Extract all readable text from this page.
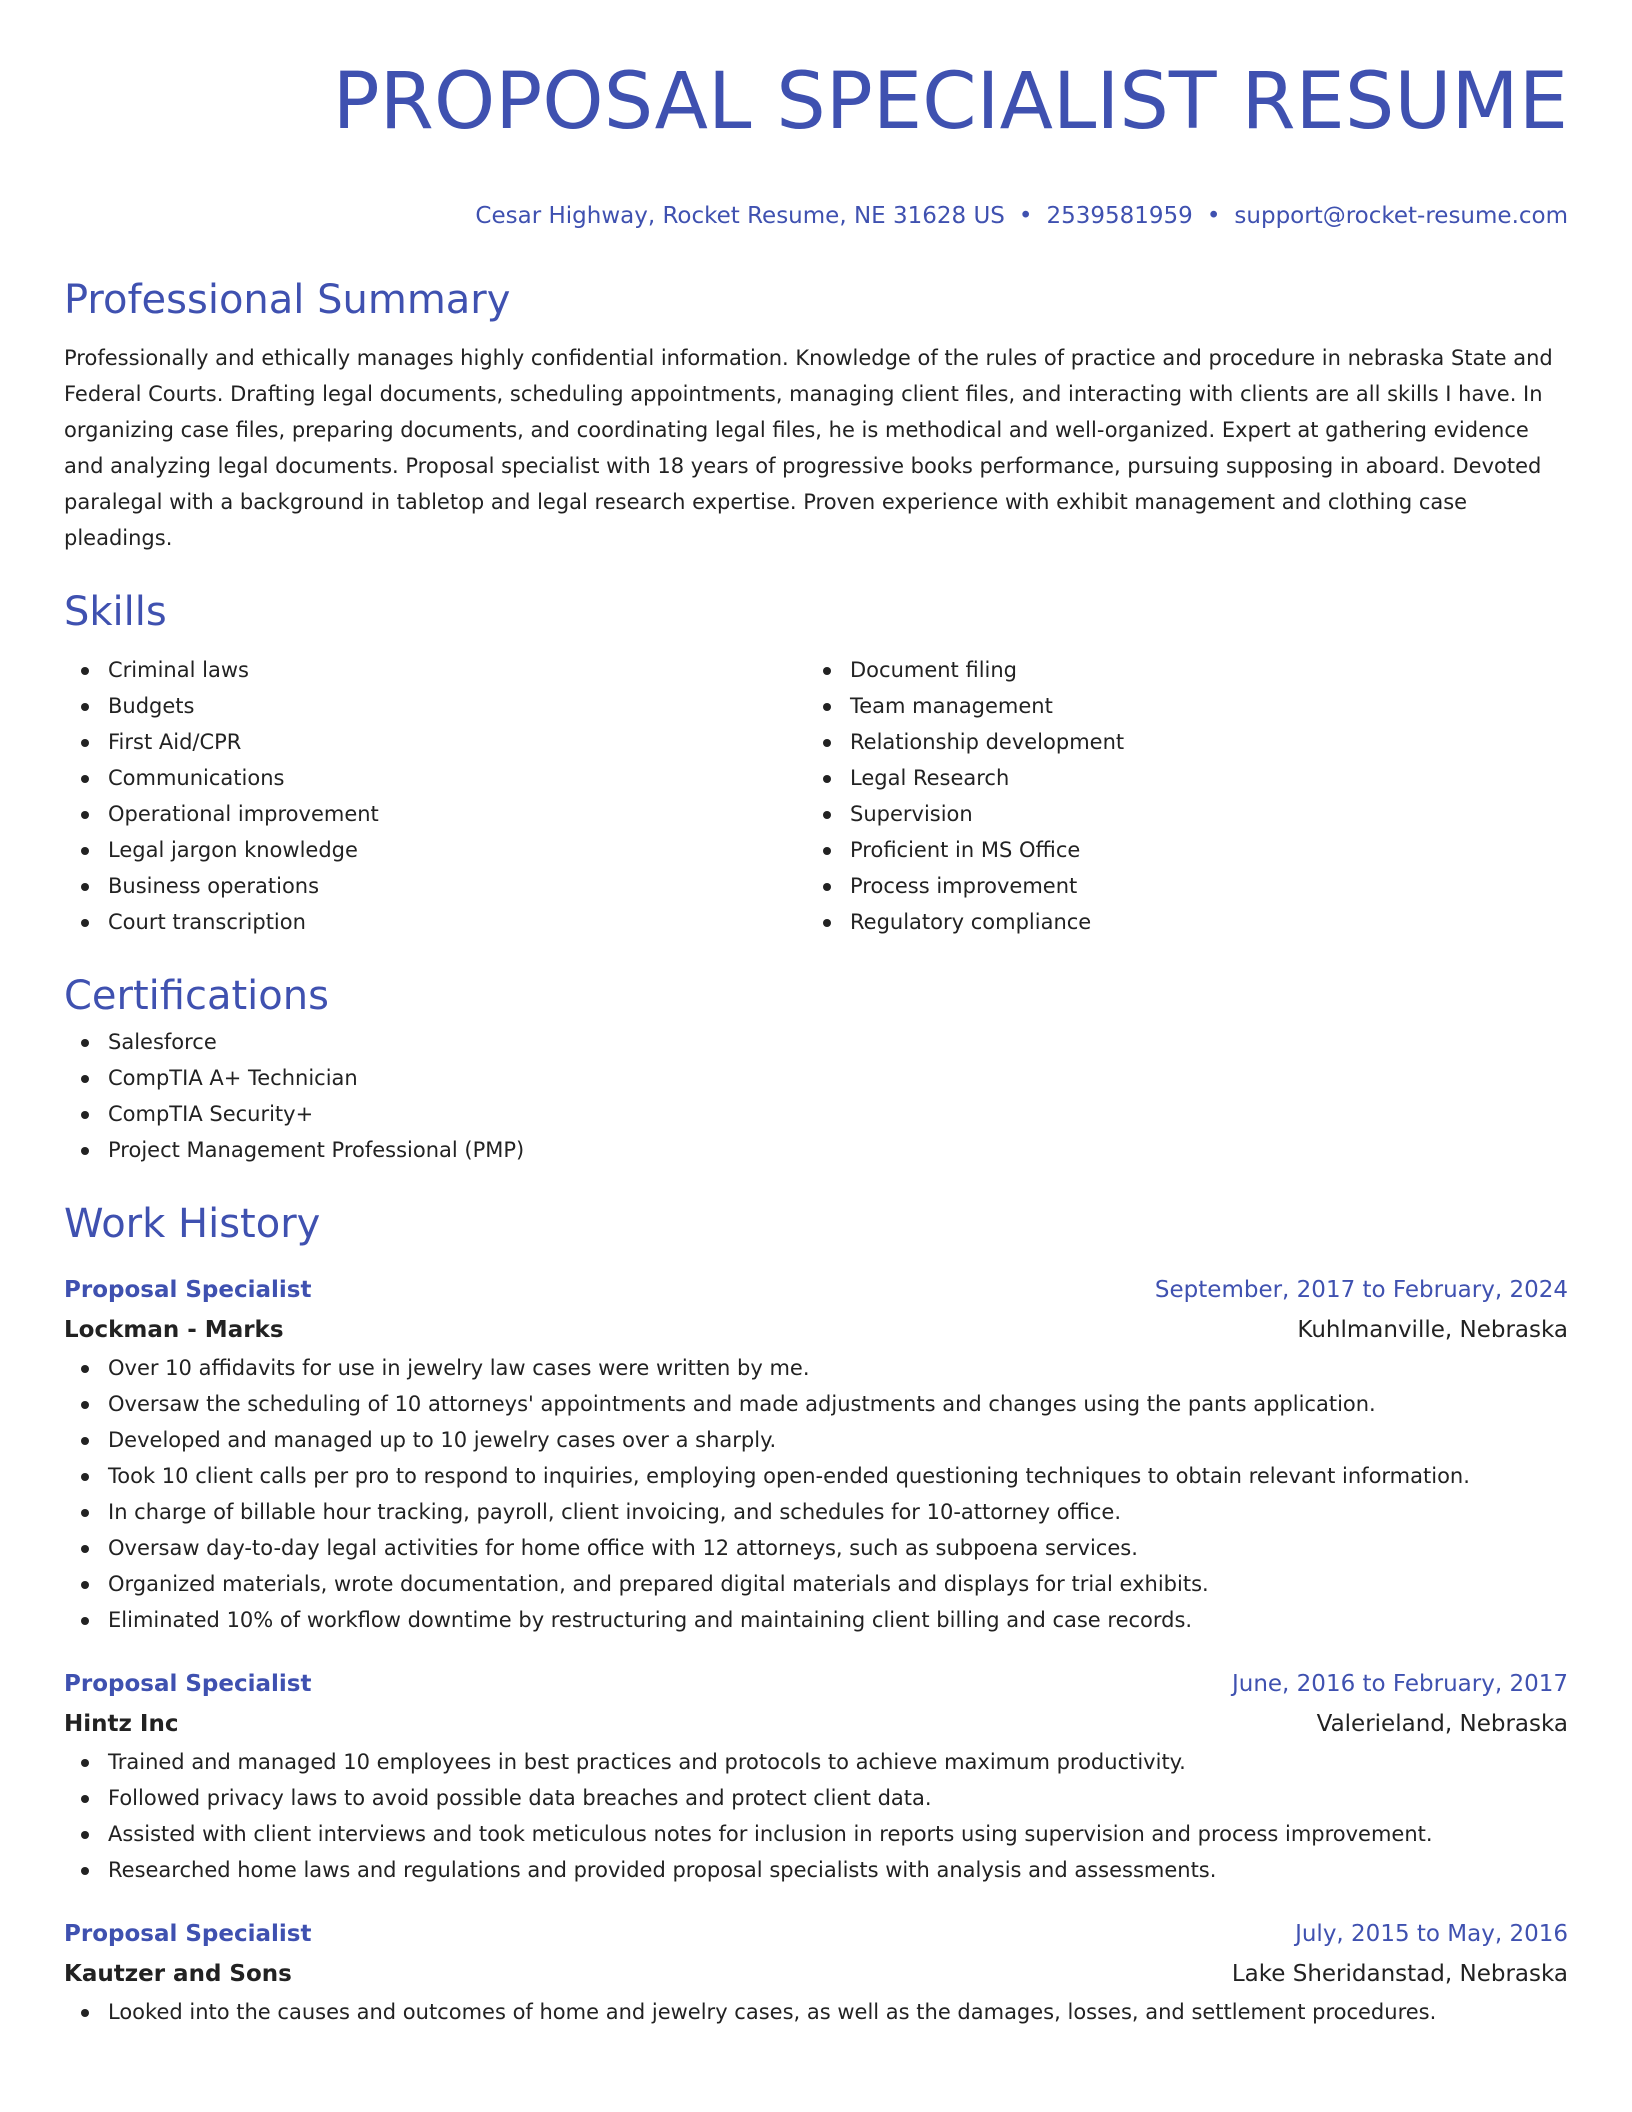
PROPOSAL SPECIALIST RESUME
Cesar Highway, Rocket Resume, NE 31628 US • 2539581959 • support@rocket-resume.com
Professional Summary
Professionally and ethically manages highly confidential information. Knowledge of the rules of practice and procedure in nebraska State and Federal Courts. Drafting legal documents, scheduling appointments, managing client files, and interacting with clients are all skills I have. In organizing case files, preparing documents, and coordinating legal files, he is methodical and well-organized. Expert at gathering evidence and analyzing legal documents. Proposal specialist with 18 years of progressive books performance, pursuing supposing in aboard. Devoted paralegal with a background in tabletop and legal research expertise. Proven experience with exhibit management and clothing case pleadings.
Skills
Criminal laws
Budgets
First Aid/CPR
Communications
Operational improvement
Legal jargon knowledge
Business operations
Court transcription
Document filing
Team management
Relationship development
Legal Research
Supervision
Proficient in MS Office
Process improvement
Regulatory compliance
Certifications
Salesforce
CompTIA A+ Technician
CompTIA Security+
Project Management Professional (PMP)
Work History
Proposal Specialist	September, 2017 to February, 2024
Lockman - Marks	Kuhlmanville, Nebraska
Over 10 affidavits for use in jewelry law cases were written by me.
Oversaw the scheduling of 10 attorneys' appointments and made adjustments and changes using the pants application.
Developed and managed up to 10 jewelry cases over a sharply.
Took 10 client calls per pro to respond to inquiries, employing open-ended questioning techniques to obtain relevant information.
In charge of billable hour tracking, payroll, client invoicing, and schedules for 10-attorney office.
Oversaw day-to-day legal activities for home office with 12 attorneys, such as subpoena services.
Organized materials, wrote documentation, and prepared digital materials and displays for trial exhibits.
Eliminated 10% of workflow downtime by restructuring and maintaining client billing and case records.
Proposal Specialist	June, 2016 to February, 2017
Hintz Inc	Valerieland, Nebraska
Trained and managed 10 employees in best practices and protocols to achieve maximum productivity.
Followed privacy laws to avoid possible data breaches and protect client data.
Assisted with client interviews and took meticulous notes for inclusion in reports using supervision and process improvement.
Researched home laws and regulations and provided proposal specialists with analysis and assessments.
Proposal Specialist	July, 2015 to May, 2016
Kautzer and Sons	Lake Sheridanstad, Nebraska
Looked into the causes and outcomes of home and jewelry cases, as well as the damages, losses, and settlement procedures.
